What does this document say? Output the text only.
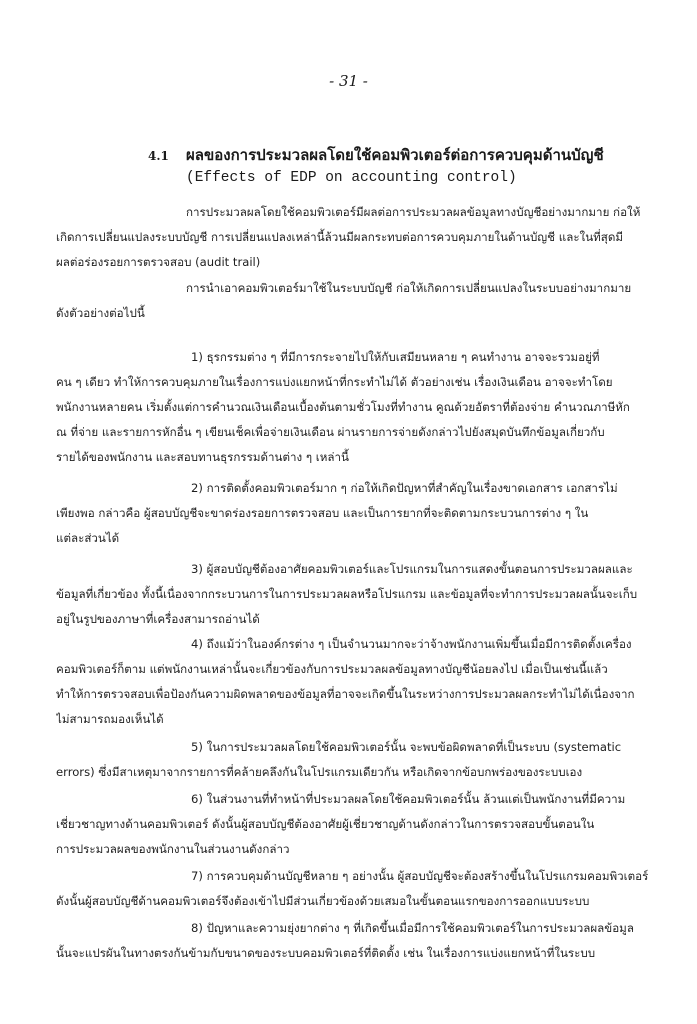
- 31 -
4.1 ผลของการประมวลผลโดยใช้คอมพิวเตอร์ต่อการควบคุมด้านบัญชี
(Effects of EDP on accounting control)

การประมวลผลโดยใช้คอมพิวเตอร์มีผลต่อการประมวลผลข้อมูลทางบัญชีอย่างมากมาย ก่อให้
เกิดการเปลี่ยนแปลงระบบบัญชี การเปลี่ยนแปลงเหล่านี้ล้วนมีผลกระทบต่อการควบคุมภายในด้านบัญชี และในที่สุดมี
ผลต่อร่องรอยการตรวจสอบ (audit trail)

การนำเอาคอมพิวเตอร์มาใช้ในระบบบัญชี ก่อให้เกิดการเปลี่ยนแปลงในระบบอย่างมากมาย
ดังตัวอย่างต่อไปนี้

1) ธุรกรรมต่าง ๆ ที่มีการกระจายไปให้กับเสมียนหลาย ๆ คนทำงาน อาจจะรวมอยู่ที่
คน ๆ เดียว ทำให้การควบคุมภายในเรื่องการแบ่งแยกหน้าที่กระทำไม่ได้ ตัวอย่างเช่น เรื่องเงินเดือน อาจจะทำโดย
พนักงานหลายคน เริ่มตั้งแต่การคำนวณเงินเดือนเบื้องต้นตามชั่วโมงที่ทำงาน คูณด้วยอัตราที่ต้องจ่าย คำนวณภาษีหัก
ณ ที่จ่าย และรายการหักอื่น ๆ เขียนเช็คเพื่อจ่ายเงินเดือน ผ่านรายการจ่ายดังกล่าวไปยังสมุดบันทึกข้อมูลเกี่ยวกับ
รายได้ของพนักงาน และสอบทานธุรกรรมด้านต่าง ๆ เหล่านี้

2) การติดตั้งคอมพิวเตอร์มาก ๆ ก่อให้เกิดปัญหาที่สำคัญในเรื่องขาดเอกสาร เอกสารไม่
เพียงพอ กล่าวคือ ผู้สอบบัญชีจะขาดร่องรอยการตรวจสอบ และเป็นการยากที่จะติดตามกระบวนการต่าง ๆ ใน
แต่ละส่วนได้

3) ผู้สอบบัญชีต้องอาศัยคอมพิวเตอร์และโปรแกรมในการแสดงขั้นตอนการประมวลผลและ
ข้อมูลที่เกี่ยวข้อง ทั้งนี้เนื่องจากกระบวนการในการประมวลผลหรือโปรแกรม และข้อมูลที่จะทำการประมวลผลนั้นจะเก็บ
อยู่ในรูปของภาษาที่เครื่องสามารถอ่านได้

4) ถึงแม้ว่าในองค์กรต่าง ๆ เป็นจำนวนมากจะว่าจ้างพนักงานเพิ่มขึ้นเมื่อมีการติดตั้งเครื่อง
คอมพิวเตอร์ก็ตาม แต่พนักงานเหล่านั้นจะเกี่ยวข้องกับการประมวลผลข้อมูลทางบัญชีน้อยลงไป เมื่อเป็นเช่นนี้แล้ว
ทำให้การตรวจสอบเพื่อป้องกันความผิดพลาดของข้อมูลที่อาจจะเกิดขึ้นในระหว่างการประมวลผลกระทำไม่ได้เนื่องจาก
ไม่สามารถมองเห็นได้

5) ในการประมวลผลโดยใช้คอมพิวเตอร์นั้น จะพบข้อผิดพลาดที่เป็นระบบ (systematic
errors) ซึ่งมีสาเหตุมาจากรายการที่คล้ายคลึงกันในโปรแกรมเดียวกัน หรือเกิดจากข้อบกพร่องของระบบเอง

6) ในส่วนงานที่ทำหน้าที่ประมวลผลโดยใช้คอมพิวเตอร์นั้น ล้วนแต่เป็นพนักงานที่มีความ
เชี่ยวชาญทางด้านคอมพิวเตอร์ ดังนั้นผู้สอบบัญชีต้องอาศัยผู้เชี่ยวชาญด้านดังกล่าวในการตรวจสอบขั้นตอนใน
การประมวลผลของพนักงานในส่วนงานดังกล่าว

7) การควบคุมด้านบัญชีหลาย ๆ อย่างนั้น ผู้สอบบัญชีจะต้องสร้างขึ้นในโปรแกรมคอมพิวเตอร์
ดังนั้นผู้สอบบัญชีด้านคอมพิวเตอร์จึงต้องเข้าไปมีส่วนเกี่ยวข้องด้วยเสมอในขั้นตอนแรกของการออกแบบระบบ

8) ปัญหาและความยุ่งยากต่าง ๆ ที่เกิดขึ้นเมื่อมีการใช้คอมพิวเตอร์ในการประมวลผลข้อมูล
นั้นจะแปรผันในทางตรงกันข้ามกับขนาดของระบบคอมพิวเตอร์ที่ติดตั้ง เช่น ในเรื่องการแบ่งแยกหน้าที่ในระบบ
